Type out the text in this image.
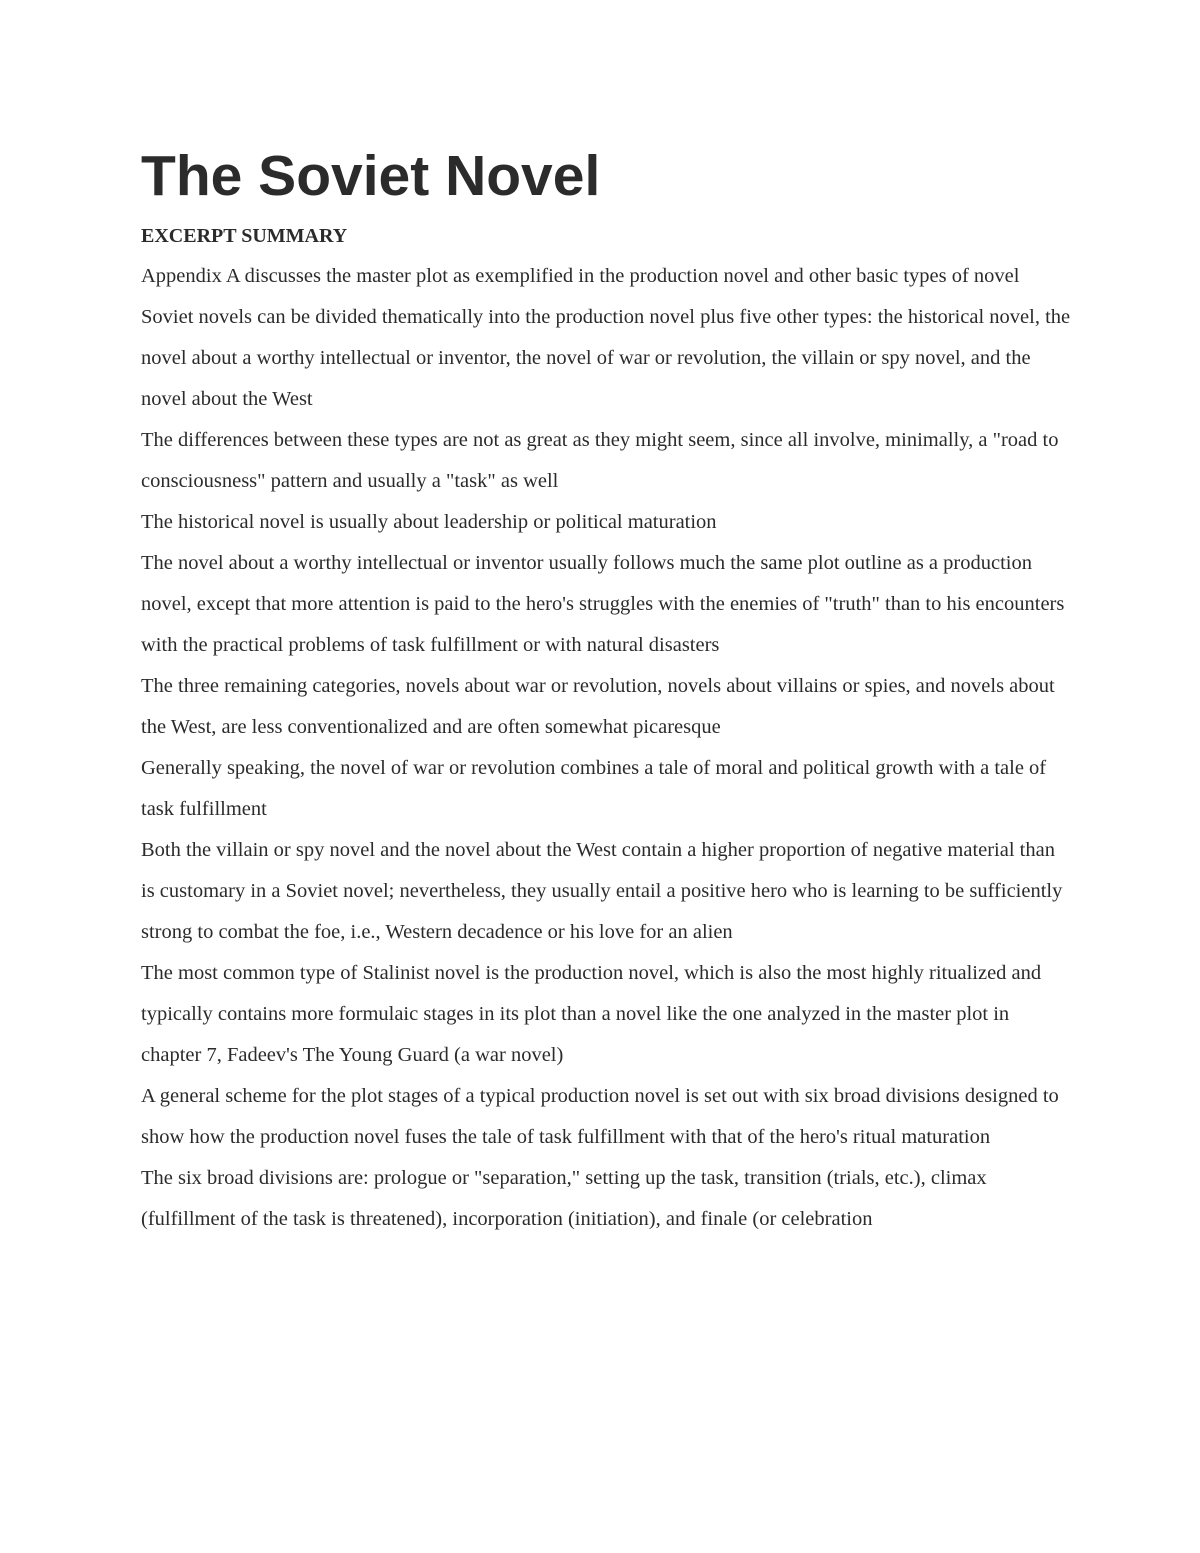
The Soviet Novel
EXCERPT SUMMARY

Appendix A discusses the master plot as exemplified in the production novel and other basic types of novel

Soviet novels can be divided thematically into the production novel plus five other types: the historical novel, the novel about a worthy intellectual or inventor, the novel of war or revolution, the villain or spy novel, and the novel about the West

The differences between these types are not as great as they might seem, since all involve, minimally, a "road to consciousness" pattern and usually a "task" as well

The historical novel is usually about leadership or political maturation

The novel about a worthy intellectual or inventor usually follows much the same plot outline as a production novel, except that more attention is paid to the hero's struggles with the enemies of "truth" than to his encounters with the practical problems of task fulfillment or with natural disasters

The three remaining categories, novels about war or revolution, novels about villains or spies, and novels about the West, are less conventionalized and are often somewhat picaresque

Generally speaking, the novel of war or revolution combines a tale of moral and political growth with a tale of task fulfillment

Both the villain or spy novel and the novel about the West contain a higher proportion of negative material than is customary in a Soviet novel; nevertheless, they usually entail a positive hero who is learning to be sufficiently strong to combat the foe, i.e., Western decadence or his love for an alien

The most common type of Stalinist novel is the production novel, which is also the most highly ritualized and typically contains more formulaic stages in its plot than a novel like the one analyzed in the master plot in chapter 7, Fadeev's The Young Guard (a war novel)

A general scheme for the plot stages of a typical production novel is set out with six broad divisions designed to show how the production novel fuses the tale of task fulfillment with that of the hero's ritual maturation

The six broad divisions are: prologue or "separation," setting up the task, transition (trials, etc.), climax (fulfillment of the task is threatened), incorporation (initiation), and finale (or celebration
